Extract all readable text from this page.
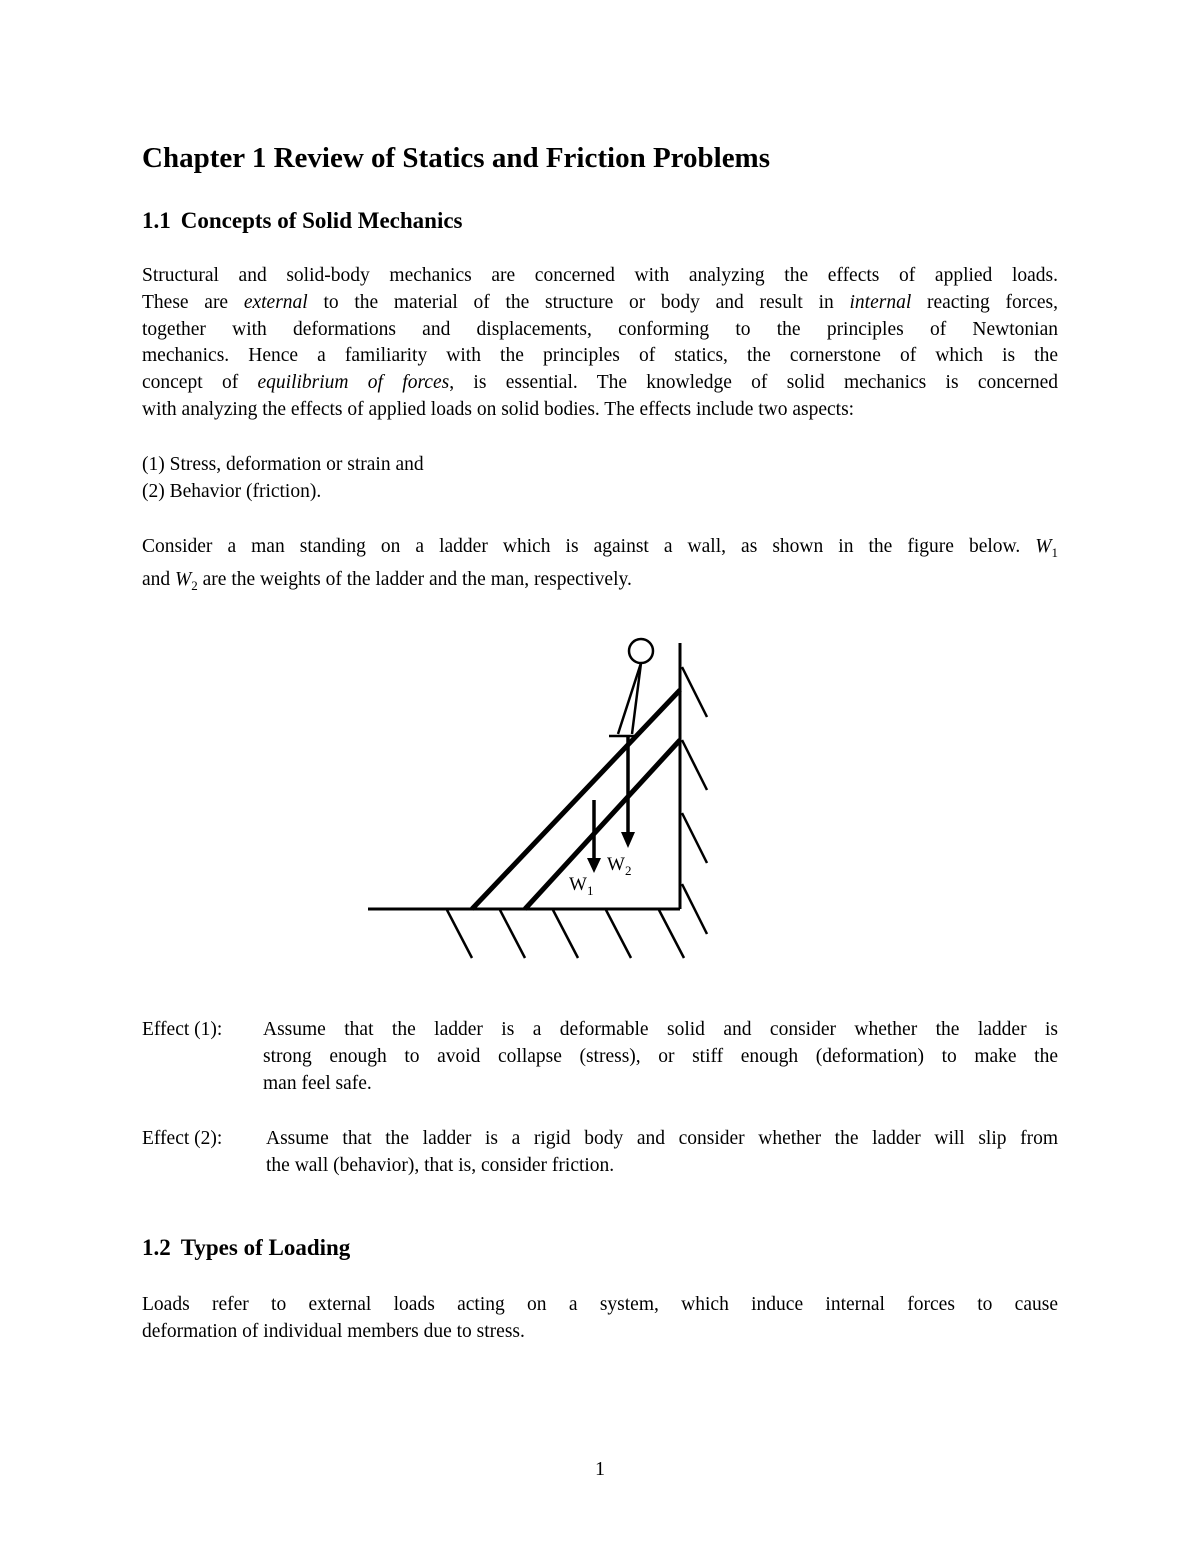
Chapter 1 Review of Statics and Friction Problems
1.1 Concepts of Solid Mechanics
Structural and solid-body mechanics are concerned with analyzing the effects of applied loads.
These are external to the material of the structure or body and result in internal reacting forces,
together with deformations and displacements, conforming to the principles of Newtonian
mechanics. Hence a familiarity with the principles of statics, the cornerstone of which is the
concept of equilibrium of forces, is essential. The knowledge of solid mechanics is concerned
with analyzing the effects of applied loads on solid bodies. The effects include two aspects:
(1) Stress, deformation or strain and
(2) Behavior (friction).
Consider a man standing on a ladder which is against a wall, as shown in the figure below. $W_1$
and $W_2$ are the weights of the ladder and the man, respectively.
$W_1$
$W_2$
Effect (1): Assume that the ladder is a deformable solid and consider whether the ladder is
strong enough to avoid collapse (stress), or stiff enough (deformation) to make the
man feel safe.
Effect (2): Assume that the ladder is a rigid body and consider whether the ladder will slip from
the wall (behavior), that is, consider friction.
1.2 Types of Loading
Loads refer to external loads acting on a system, which induce internal forces to cause
deformation of individual members due to stress.
1
